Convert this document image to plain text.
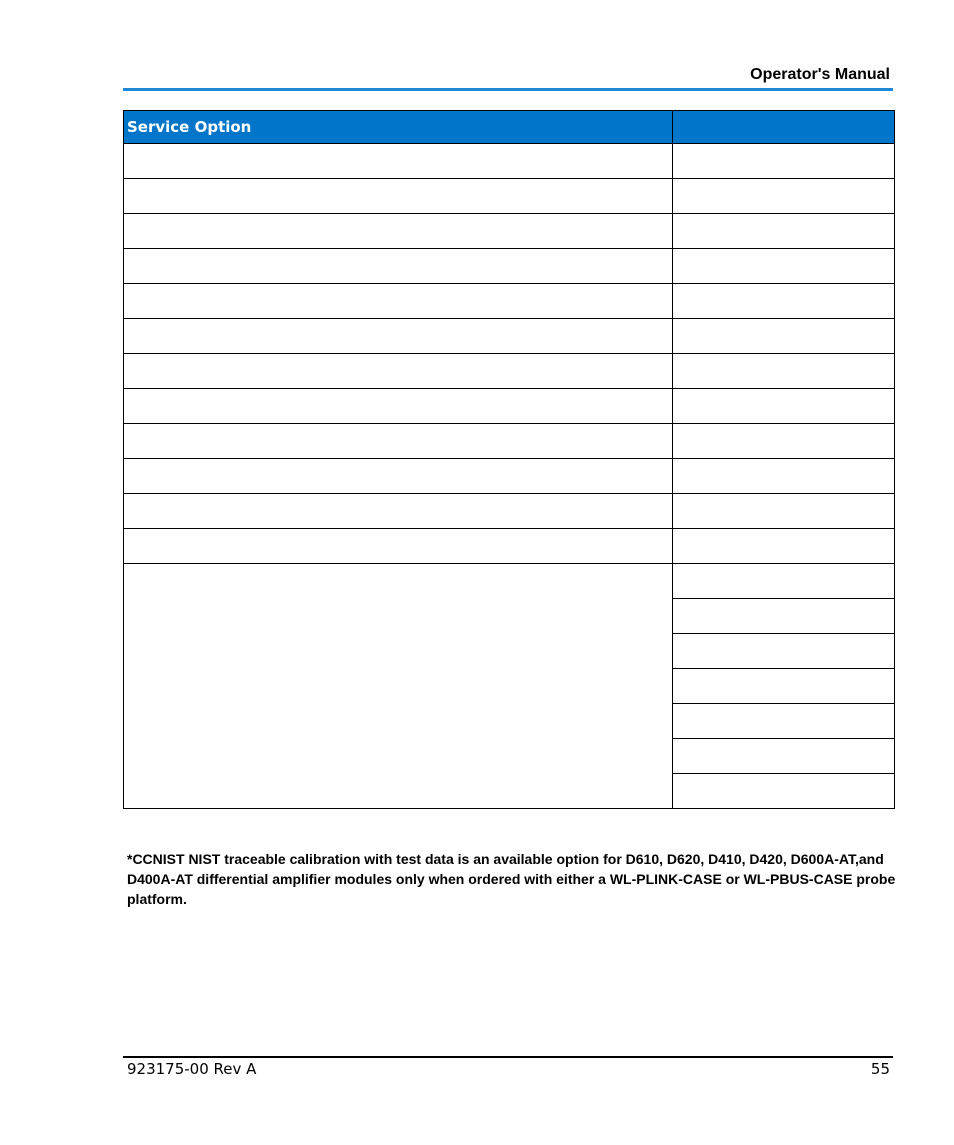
Operator's Manual
Service Option	

*CCNIST NIST traceable calibration with test data is an available option for D610, D620, D410, D420, D600A-AT,and D400A-AT differential amplifier modules only when ordered with either a WL-PLINK-CASE or WL-PBUS-CASE probe platform.
923175-00 Rev A	55
